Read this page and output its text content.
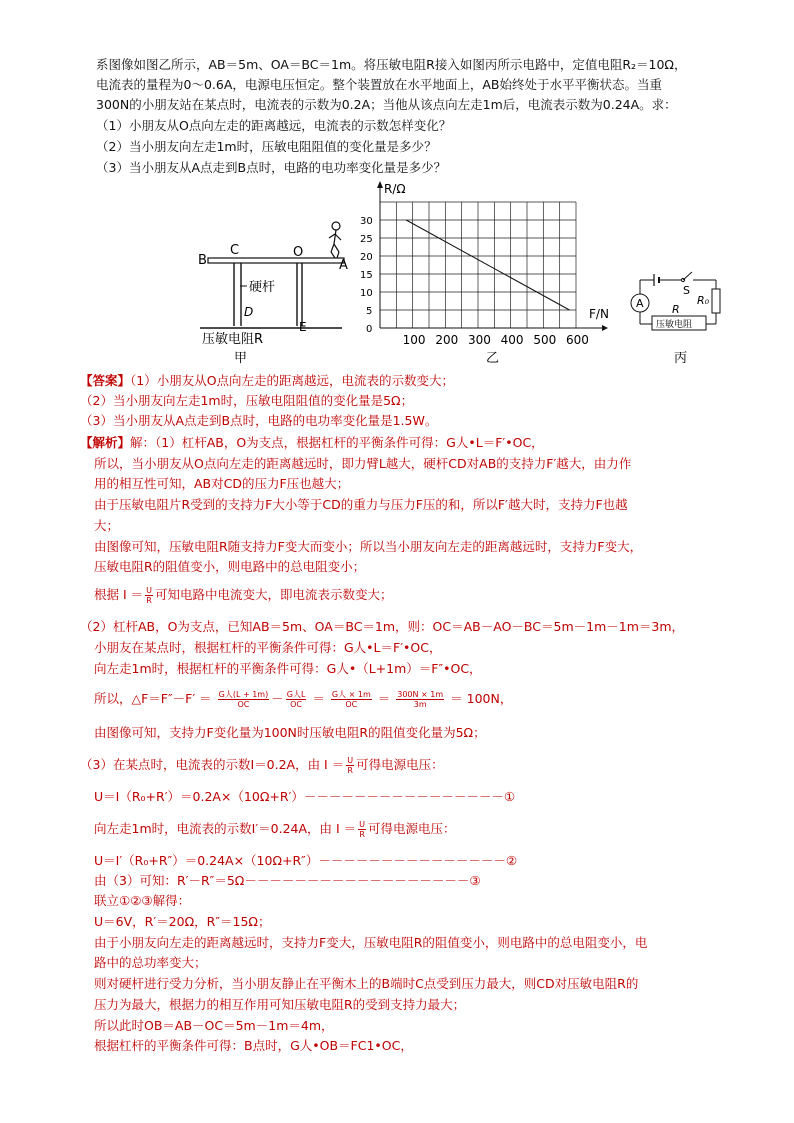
系图像如图乙所示，AB＝5m、OA＝BC＝1m。将压敏电阻R接入如图丙所示电路中，定值电阻R₂＝10Ω，
电流表的量程为0～0.6A，电源电压恒定。整个装置放在水平地面上，AB始终处于水平平衡状态。当重
300N的小朋友站在某点时，电流表的示数为0.2A；当他从该点向左走1m后，电流表示数为0.24A。求：
（1）小朋友从O点向左走的距离越远，电流表的示数怎样变化？
（2）当小朋友向左走1m时，压敏电阻阻值的变化量是多少？
（3）当小朋友从A点走到B点时，电路的电功率变化量是多少？
B
C	O
A
硬杆
D
E
压敏电阻R
甲
R/Ω
F/N
乙
100 200 300 400 500 600
0
5
10
15
20
25
30
S
R₀
压敏电阻
R
A
丙
【答案】（1）小朋友从O点向左走的距离越远，电流表的示数变大；
（2）当小朋友向左走1m时，压敏电阻阻值的变化量是5Ω；
（3）当小朋友从A点走到B点时，电路的电功率变化量是1.5W。
【解析】解：（1）杠杆AB，O为支点，根据杠杆的平衡条件可得：G人•L＝F′•OC，
所以，当小朋友从O点向左走的距离越远时，即力臂L越大，硬杆CD对AB的支持力F′越大，由力作
用的相互性可知，AB对CD的压力F压也越大；
由于压敏电阻片R受到的支持力F大小等于CD的重力与压力F压的和，所以F′越大时，支持力F也越
大；
由图像可知，压敏电阻R随支持力F变大而变小；所以当小朋友向左走的距离越远时，支持力F变大，
压敏电阻R的阻值变小，则电路中的总电阻变小；
根据 $I = \frac{U}{R}$ 可知电路中电流变大，即电流表示数变大；
（2）杠杆AB，O为支点，已知AB＝5m、OA＝BC＝1m，则：OC＝AB－AO－BC＝5m－1m－1m＝3m，
小朋友在某点时，根据杠杆的平衡条件可得：G人•L＝F′•OC，
向左走1m时，根据杠杆的平衡条件可得：G人•（L+1m）＝F″•OC，
所以，△F＝F″－F′ ＝ $\frac{\text{G人(L + 1m)}}{OC} - \frac{\text{G人L}}{OC} = \frac{\text{G人 × 1m}}{OC} = \frac{300N \times 1m}{3m} = 100N$，
由图像可知，支持力F变化量为100N时压敏电阻R的阻值变化量为5Ω；
（3）在某点时，电流表的示数I＝0.2A，由 $I = \frac{U}{R}$ 可得电源电压：
U＝I（R₀+R′）＝0.2A×（10Ω+R′）－－－－－－－－－－－－－－－－①
向左走1m时，电流表的示数I′＝0.24A，由 $I = \frac{U}{R}$ 可得电源电压：
U＝I′（R₀+R″）＝0.24A×（10Ω+R″）－－－－－－－－－－－－－－－②
由（3）可知：R′－R″＝5Ω－－－－－－－－－－－－－－－－－－③
联立①②③解得：
U＝6V，R′＝20Ω，R″＝15Ω；
由于小朋友向左走的距离越远时，支持力F变大，压敏电阻R的阻值变小，则电路中的总电阻变小，电
路中的总功率变大；
则对硬杆进行受力分析，当小朋友静止在平衡木上的B端时C点受到压力最大，则CD对压敏电阻R的
压力为最大，根据力的相互作用可知压敏电阻R的受到支持力最大；
所以此时OB＝AB－OC＝5m－1m＝4m，
根据杠杆的平衡条件可得：B点时，G人•OB＝FC1•OC，
